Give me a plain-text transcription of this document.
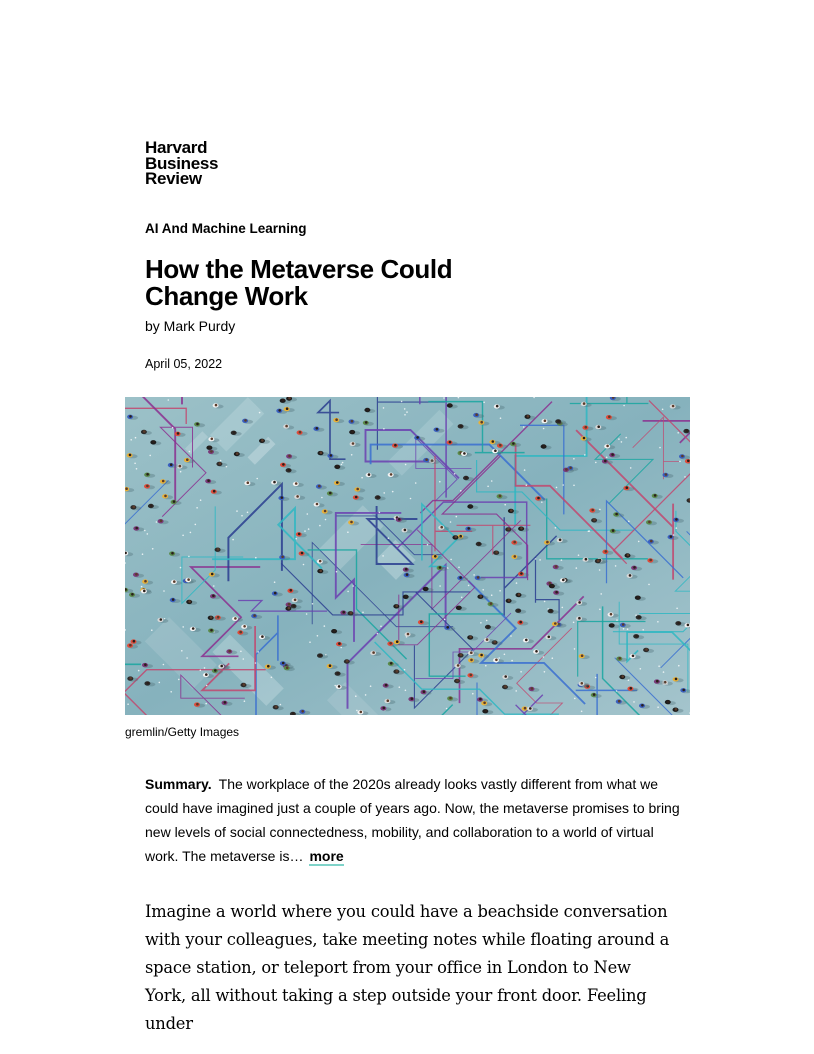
Harvard
Business
Review
AI And Machine Learning
How the Metaverse Could Change Work
by Mark Purdy
April 05, 2022
gremlin/Getty Images
Summary. The workplace of the 2020s already looks vastly different from what we could have imagined just a couple of years ago. Now, the metaverse promises to bring new levels of social connectedness, mobility, and collaboration to a world of virtual work. The metaverse is… more
Imagine a world where you could have a beachside conversation with your colleagues, take meeting notes while floating around a space station, or teleport from your office in London to New York, all without taking a step outside your front door. Feeling under
